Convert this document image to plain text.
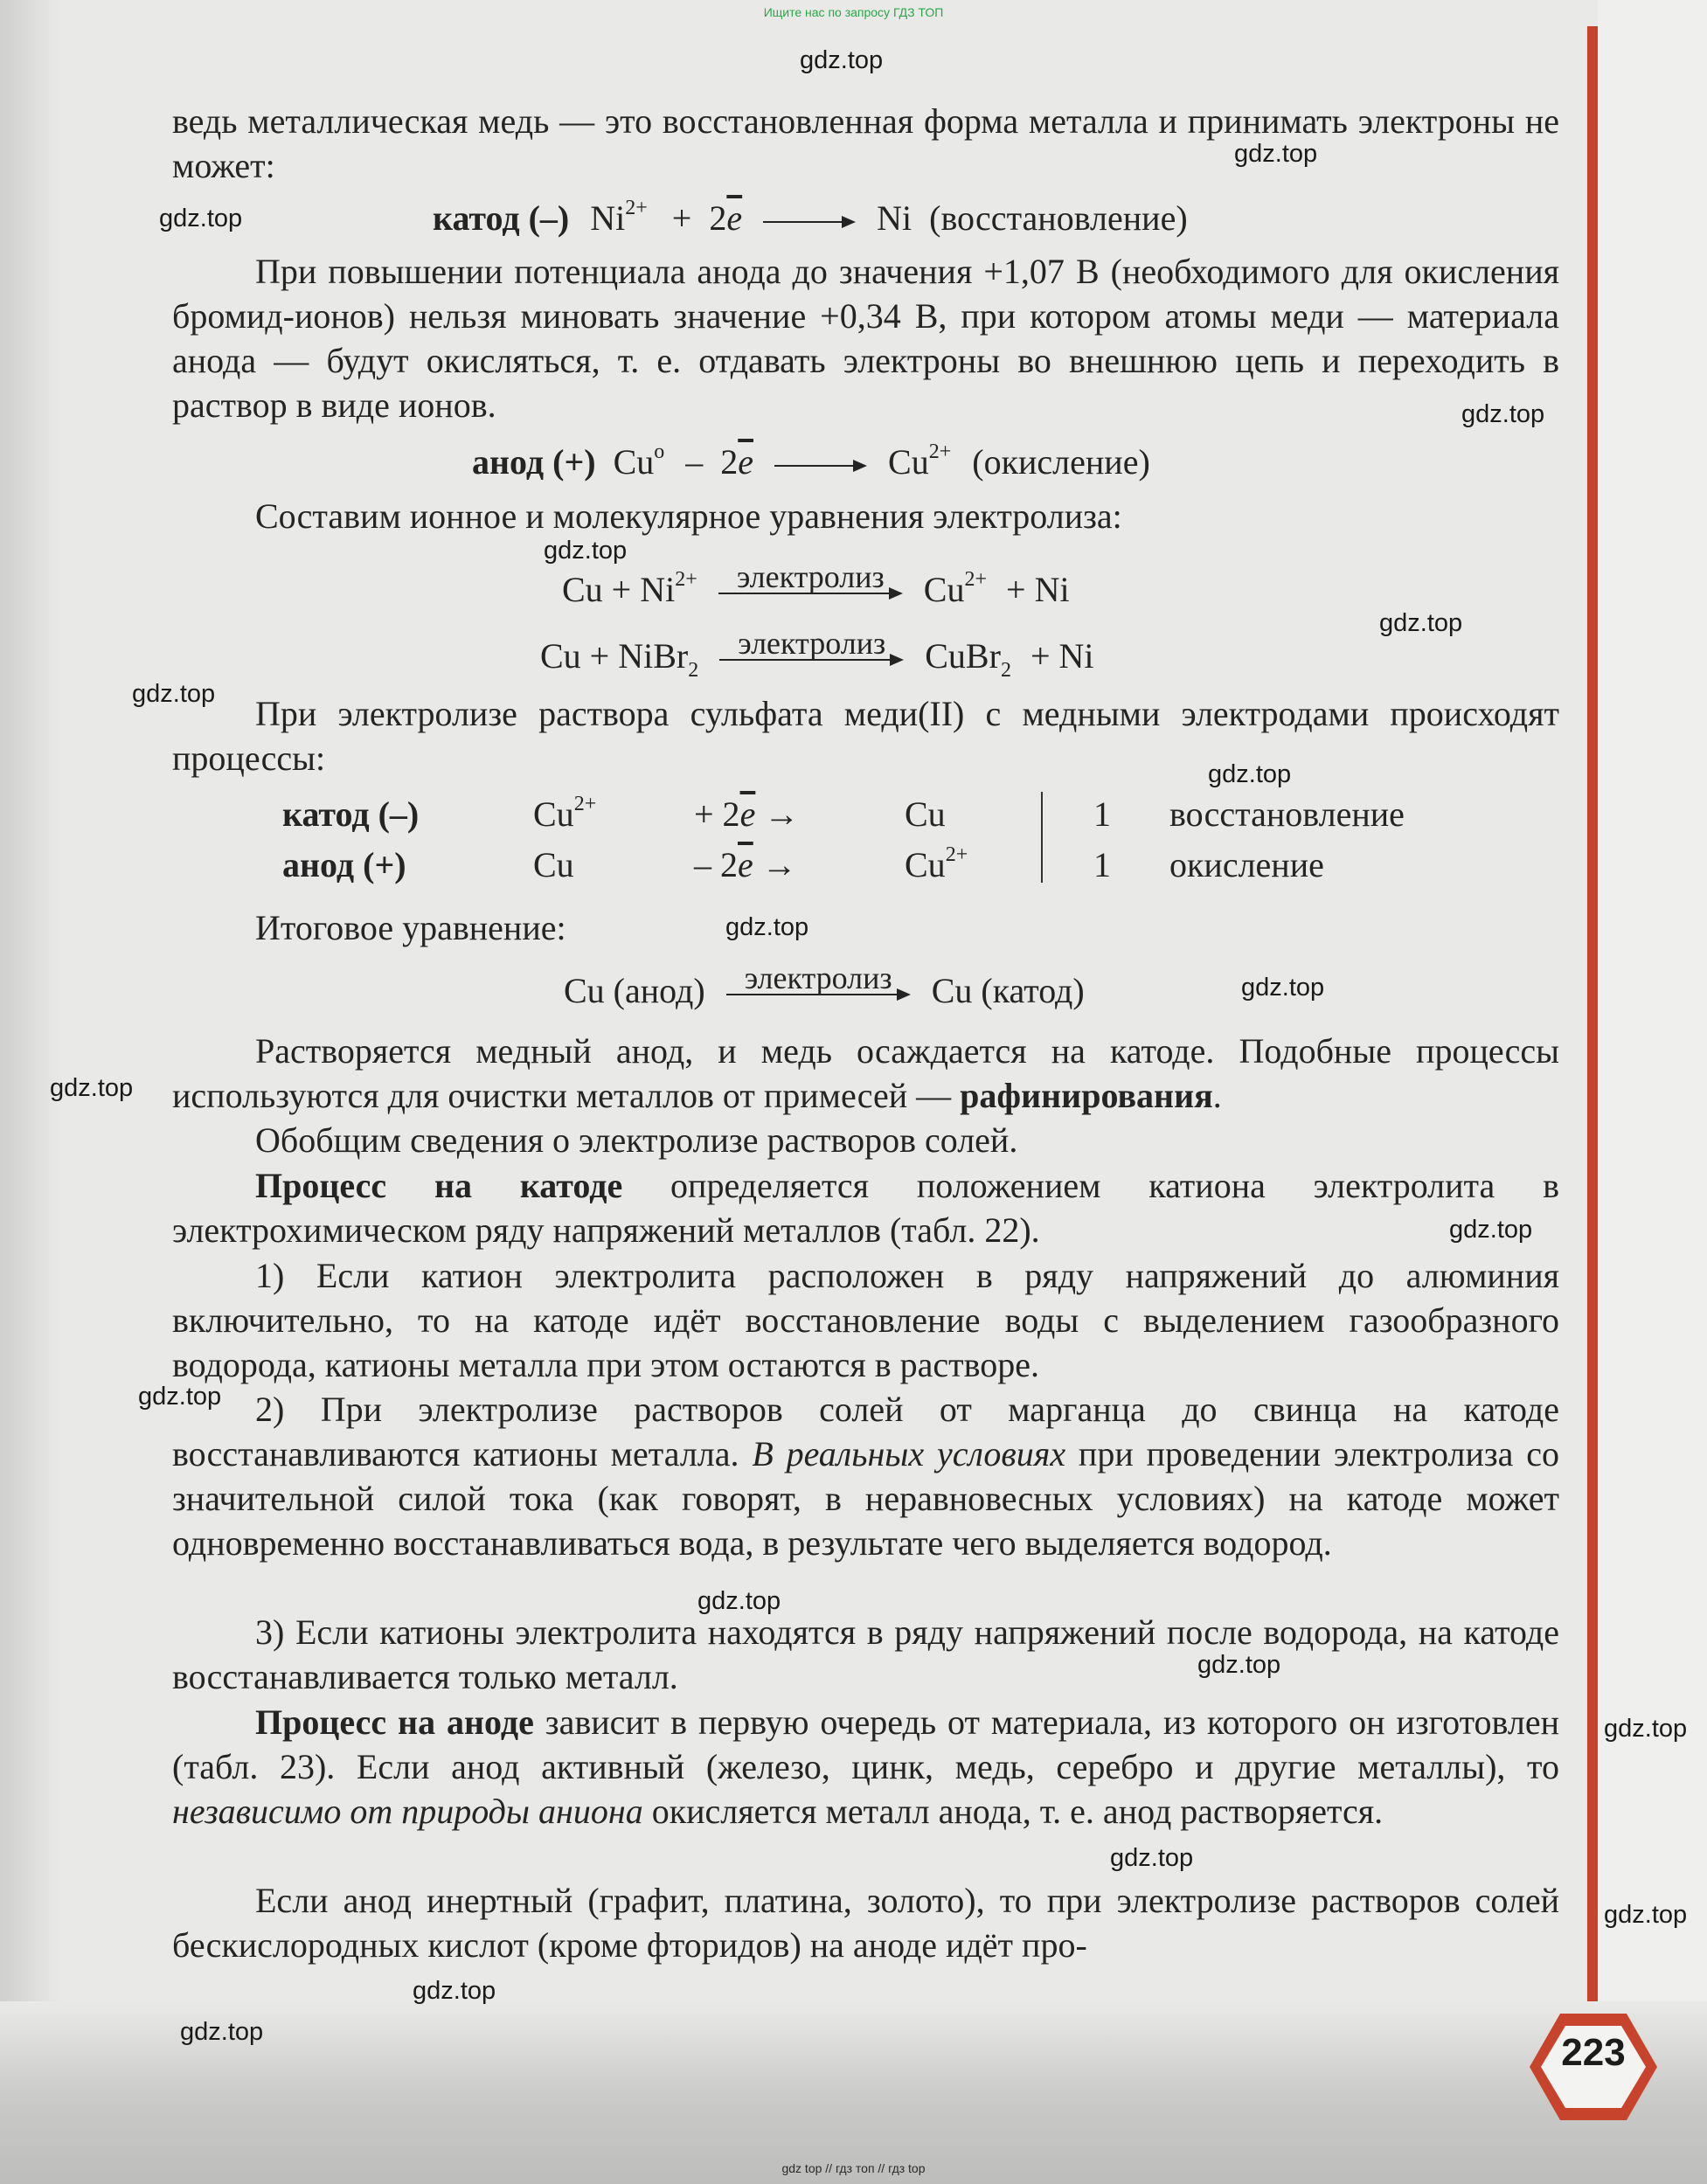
Ищите нас по запросу ГДЗ ТОП
ведь металлическая медь — это восстановленная форма металла и принимать электроны не может:
катод (–) $Ni^{2+} + 2\overline{e} \to Ni$ (восстановление)
При повышении потенциала анода до значения +1,07 В (необходимого для окисления бромид-ионов) нельзя миновать значение +0,34 В, при котором атомы меди — материала анода — будут окисляться, т. е. отдавать электроны во внешнюю цепь и переходить в раствор в виде ионов.
анод (+) $Cu^o - 2\overline{e} \to Cu^{2+}$ (окисление)
Составим ионное и молекулярное уравнения электролиза:
$Cu + Ni^{2+}$	электролиз	$Cu^{2+} + Ni$
Cu + NiBr$_2$
электролиз	CuBr$_2$ + Ni
При электролизе раствора сульфата меди(II) с медными электродами происходят процессы:
катод (–)	$Cu^{2+}$	+ $2\overline{e}$ →	Cu	1 восстановление
анод (+)	Cu	– $2\overline{e}$ →	$Cu^{2+}$	1 окисление
Итоговое уравнение:
Cu (анод)	электролиз	Cu (катод)
Растворяется медный анод, и медь осаждается на катоде. Подобные процессы используются для очистки металлов от примесей — рафинирования.
Обобщим сведения о электролизе растворов солей.
Процесс на катоде определяется положением катиона электролита в электрохимическом ряду напряжений металлов (табл. 22).
1) Если катион электролита расположен в ряду напряжений до алюминия включительно, то на катоде идёт восстановление воды с выделением газообразного водорода, катионы металла при этом остаются в растворе.
2) При электролизе растворов солей от марганца до свинца на катоде восстанавливаются катионы металла. В реальных условиях при проведении электролиза со значительной силой тока (как говорят, в неравновесных условиях) на катоде может одновременно восстанавливаться вода, в результате чего выделяется водород.
3) Если катионы электролита находятся в ряду напряжений после водорода, на катоде восстанавливается только металл.
Процесс на аноде зависит в первую очередь от материала, из которого он изготовлен (табл. 23). Если анод активный (железо, цинк, медь, серебро и другие металлы), то независимо от природы аниона окисляется металл анода, т. е. анод растворяется.
Если анод инертный (графит, платина, золото), то при электролизе растворов солей бескислородных кислот (кроме фторидов) на аноде идёт про-
gdz.top
gdz.top
gdz.top
gdz.top
gdz.top
gdz.top
gdz.top
gdz.top
gdz.top
gdz.top
gdz.top
gdz.top
gdz.top
gdz.top
gdz.top
gdz.top
gdz.top
gdz.top
gdz.top
gdz.top	223
gdz top // гдз топ // гдз top
